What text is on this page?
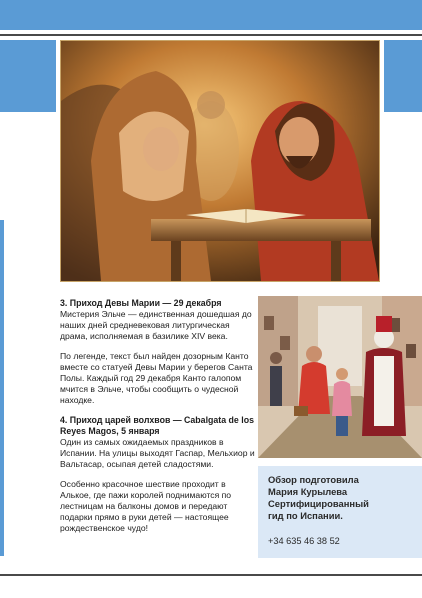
3. Приход Девы Марии — 29 декабря

Мистерия Эльче — единственная дошедшая до наших дней средневековая литургическая драма, исполняемая в базилике XIV века.

По легенде, текст был найден дозорным Канто вместе со статуей Девы Марии у берегов Санта Полы. Каждый год 29 декабря Канто галопом мчится в Эльче, чтобы сообщить о чудесной находке.

4. Приход царей волхвов — Cabalgata de los Reyes Magos, 5 января

Один из самых ожидаемых праздников в Испании. На улицы выходят Гаспар, Мельхиор и Вальтасар, осыпая детей сладостями.

Особенно красочное шествие проходит в Алькое, где пажи королей поднимаются по лестницам на балконы домов и передают подарки прямо в руки детей — настоящее рождественское чудо!

Обзор подготовила
Мария Курылева
Сертифицированный
гид по Испании.
+34 635 46 38 52
